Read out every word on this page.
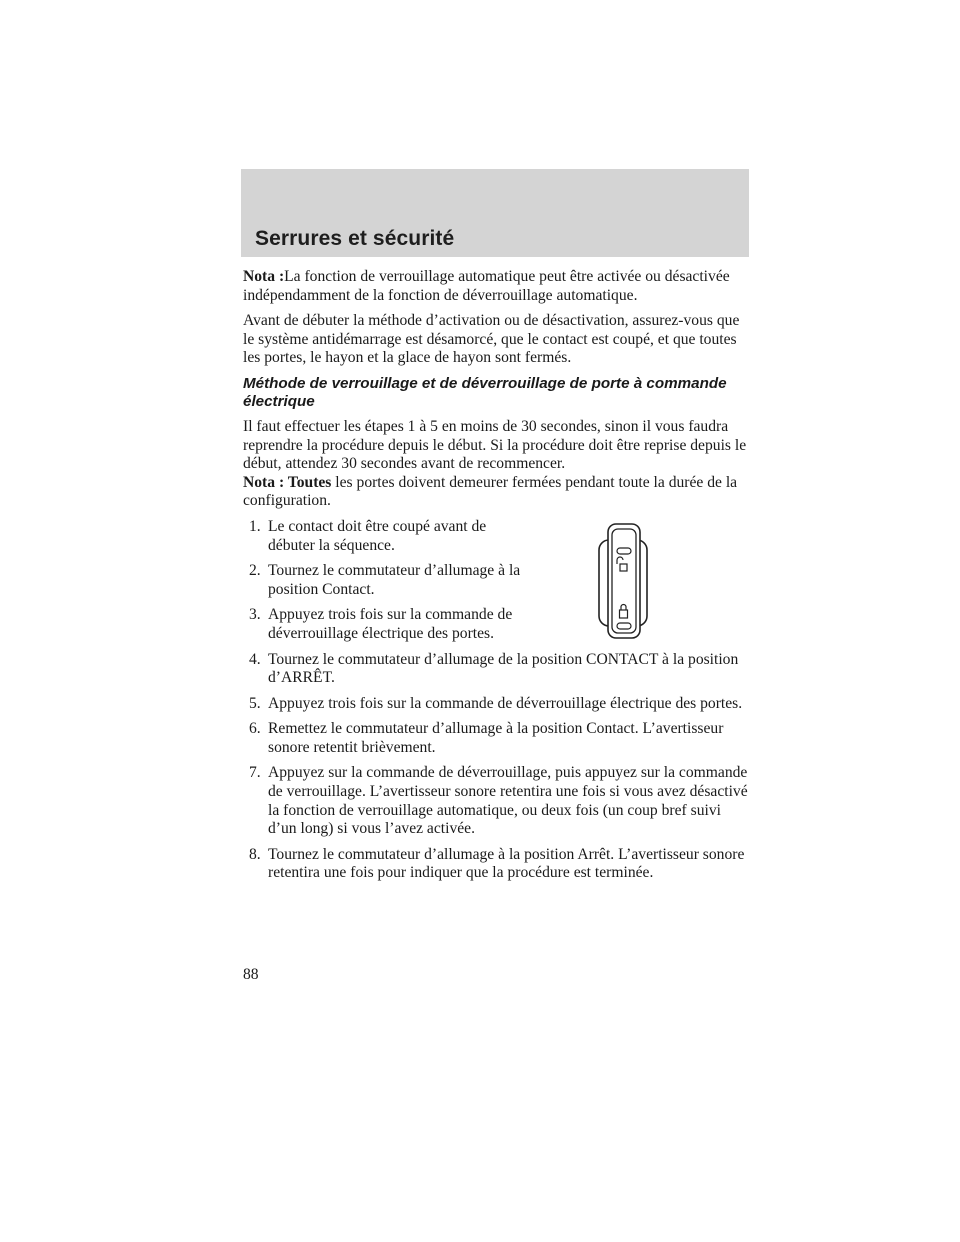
Serrures et sécurité

Nota :La fonction de verrouillage automatique peut être activée ou désactivée indépendamment de la fonction de déverrouillage automatique.

Avant de débuter la méthode d’activation ou de désactivation, assurez-vous que le système antidémarrage est désamorcé, que le contact est coupé, et que toutes les portes, le hayon et la glace de hayon sont fermés.

Méthode de verrouillage et de déverrouillage de porte à commande électrique

Il faut effectuer les étapes 1 à 5 en moins de 30 secondes, sinon il vous faudra reprendre la procédure depuis le début. Si la procédure doit être reprise depuis le début, attendez 30 secondes avant de recommencer.

Nota : Toutes les portes doivent demeurer fermées pendant toute la durée de la configuration.

1. Le contact doit être coupé avant de débuter la séquence.
2. Tournez le commutateur d’allumage à la position Contact.
3. Appuyez trois fois sur la commande de déverrouillage électrique des portes.
4. Tournez le commutateur d’allumage de la position CONTACT à la position d’ARRÊT.
5. Appuyez trois fois sur la commande de déverrouillage électrique des portes.
6. Remettez le commutateur d’allumage à la position Contact. L’avertisseur sonore retentit brièvement.
7. Appuyez sur la commande de déverrouillage, puis appuyez sur la commande de verrouillage. L’avertisseur sonore retentira une fois si vous avez désactivé la fonction de verrouillage automatique, ou deux fois (un coup bref suivi d’un long) si vous l’avez activée.
8. Tournez le commutateur d’allumage à la position Arrêt. L’avertisseur sonore retentira une fois pour indiquer que la procédure est terminée.
88
